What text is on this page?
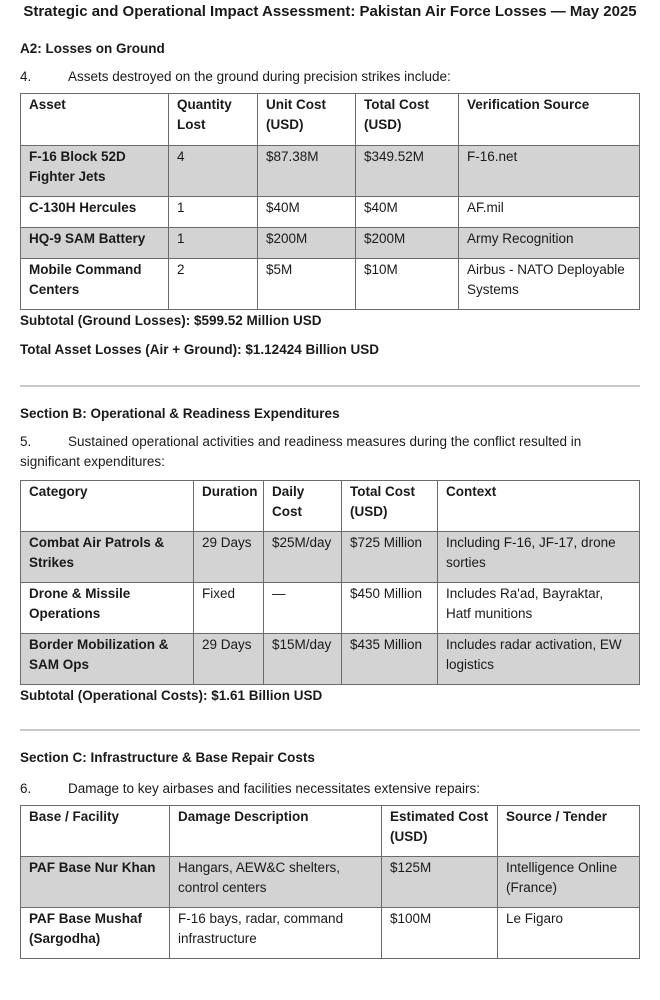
Strategic and Operational Impact Assessment: Pakistan Air Force Losses — May 2025
A2: Losses on Ground
4.	Assets destroyed on the ground during precision strikes include:
Asset	Quantity Lost	Unit Cost (USD)	Total Cost (USD)	Verification Source
F-16 Block 52D Fighter Jets	4	$87.38M	$349.52M	F-16.net
C-130H Hercules	1	$40M	$40M	AF.mil
HQ-9 SAM Battery	1	$200M	$200M	Army Recognition
Mobile Command Centers	2	$5M	$10M	Airbus - NATO Deployable Systems
Subtotal (Ground Losses): $599.52 Million USD
Total Asset Losses (Air + Ground): $1.12424 Billion USD
Section B: Operational & Readiness Expenditures
5.	Sustained operational activities and readiness measures during the conflict resulted in significant expenditures:
Category	Duration	Daily Cost	Total Cost (USD)	Context
Combat Air Patrols & Strikes	29 Days	$25M/day	$725 Million	Including F-16, JF-17, drone sorties
Drone & Missile Operations	Fixed	—	$450 Million	Includes Ra'ad, Bayraktar, Hatf munitions
Border Mobilization & SAM Ops	29 Days	$15M/day	$435 Million	Includes radar activation, EW logistics
Subtotal (Operational Costs): $1.61 Billion USD
Section C: Infrastructure & Base Repair Costs
6.	Damage to key airbases and facilities necessitates extensive repairs:
Base / Facility	Damage Description	Estimated Cost (USD)	Source / Tender
PAF Base Nur Khan	Hangars, AEW&C shelters, control centers	$125M	Intelligence Online (France)
PAF Base Mushaf (Sargodha)	F-16 bays, radar, command infrastructure	$100M	Le Figaro
